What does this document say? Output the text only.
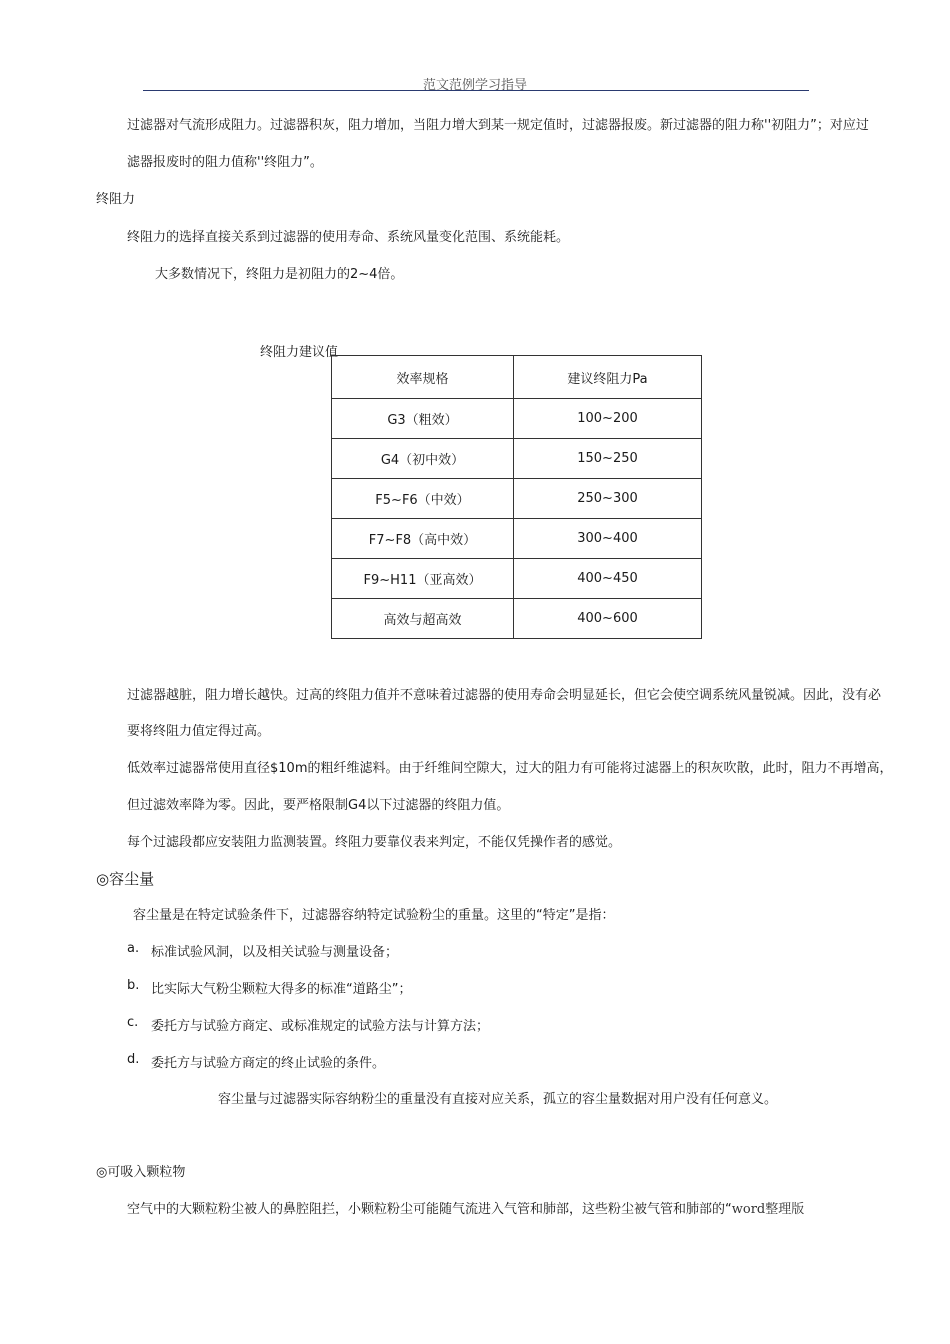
范文范例学习指导
过滤器对气流形成阻力。过滤器积灰，阻力增加，当阻力增大到某一规定值时，过滤器报废。新过滤器的阻力称''初阻力”；对应过
滤器报废时的阻力值称''终阻力”。
终阻力
终阻力的选择直接关系到过滤器的使用寿命、系统风量变化范围、系统能耗。
大多数情况下，终阻力是初阻力的2~4倍。
终阻力建议值
效率规格	建议终阻力Pa
G3（粗效）	100~200
G4（初中效）	150~250
F5~F6（中效）	250~300
F7~F8（高中效）	300~400
F9~H11（亚高效）	400~450
高效与超高效	400~600
过滤器越脏，阻力增长越快。过高的终阻力值并不意味着过滤器的使用寿命会明显延长，但它会使空调系统风量锐减。因此，没有必
要将终阻力值定得过高。
低效率过滤器常使用直径$10m的粗纤维滤料。由于纤维间空隙大，过大的阻力有可能将过滤器上的积灰吹散，此时，阻力不再增高，
但过滤效率降为零。因此，要严格限制G4以下过滤器的终阻力值。
每个过滤段都应安装阻力监测装置。终阻力要靠仪表来判定，不能仅凭操作者的感觉。
◎容尘量
容尘量是在特定试验条件下，过滤器容纳特定试验粉尘的重量。这里的“特定”是指：
a. 标准试验风洞，以及相关试验与测量设备；
b. 比实际大气粉尘颗粒大得多的标准“道路尘”；
c. 委托方与试验方商定、或标准规定的试验方法与计算方法；
d. 委托方与试验方商定的终止试验的条件。
容尘量与过滤器实际容纳粉尘的重量没有直接对应关系，孤立的容尘量数据对用户没有任何意义。
◎可吸入颗粒物
空气中的大颗粒粉尘被人的鼻腔阻拦，小颗粒粉尘可能随气流进入气管和肺部，这些粉尘被气管和肺部的“word整理版
